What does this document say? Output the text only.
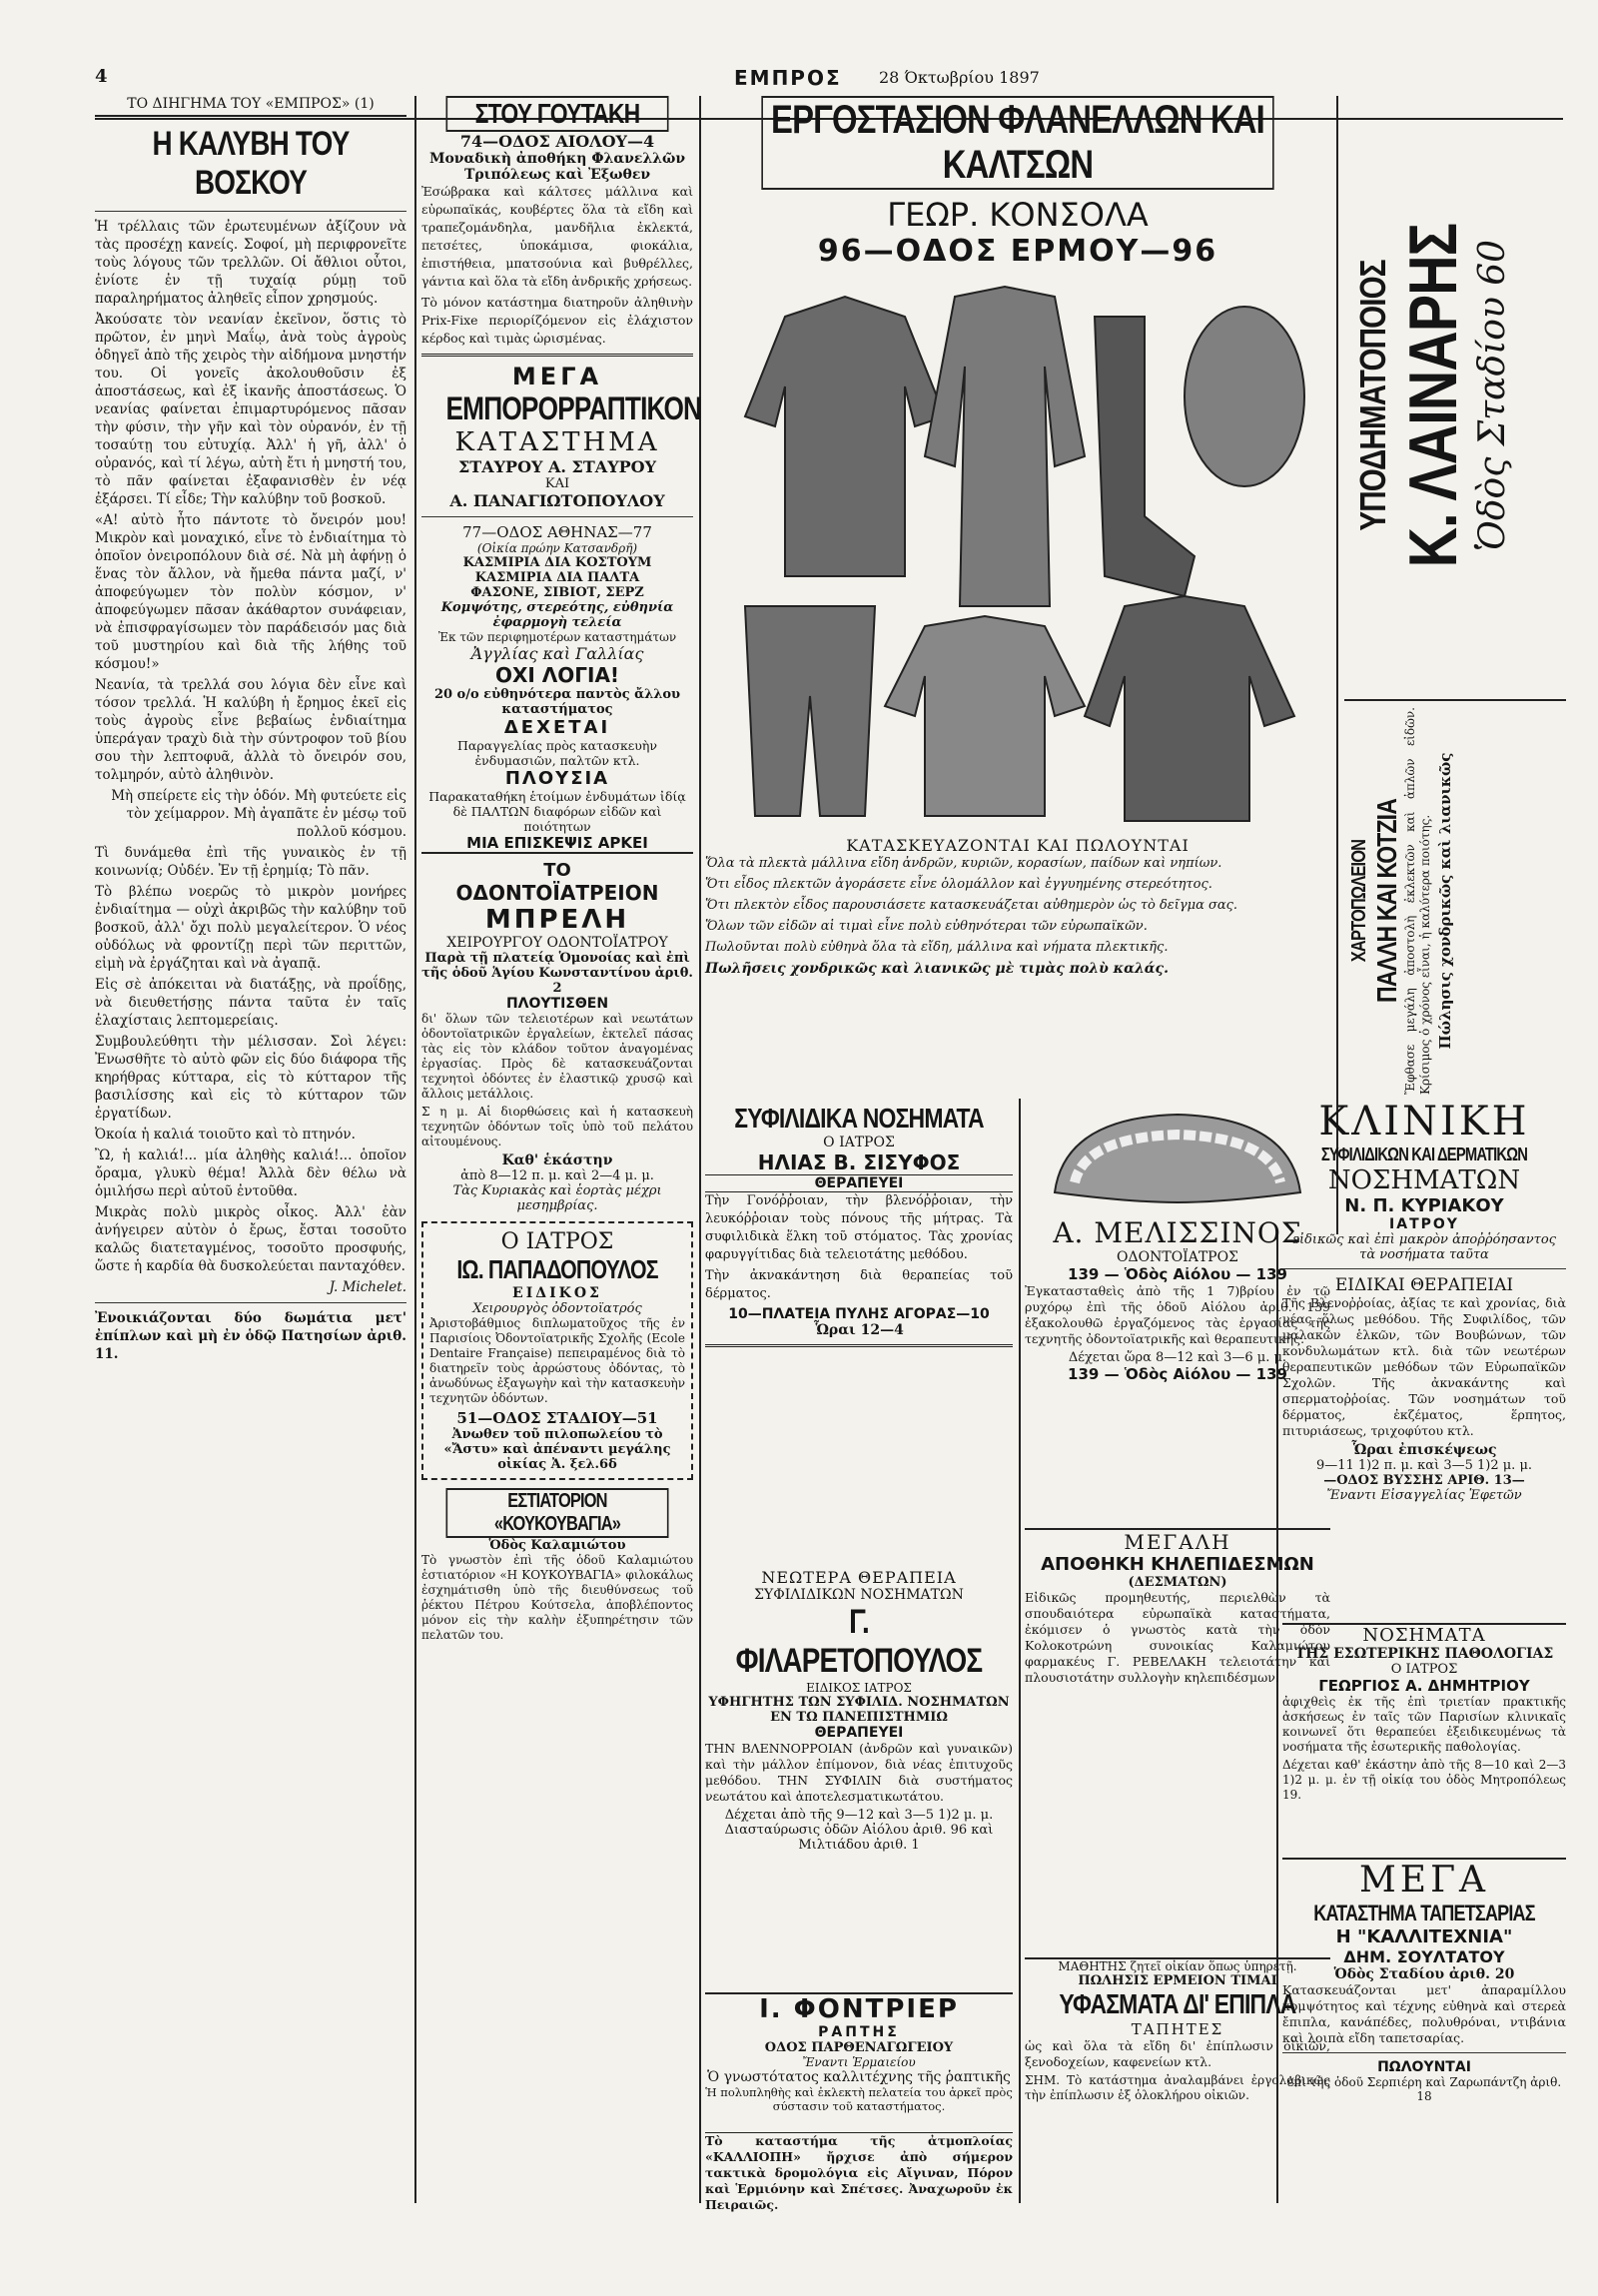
4	ΕΜΠΡΟΣ 28 Όκτωβρίου 1897

ΤΟ ΔΙΗΓΗΜΑ ΤΟΥ «ΕΜΠΡΟΣ» (1)

Η ΚΑΛΥΒΗ ΤΟΥ ΒΟΣΚΟΥ

Ἡ τρέλλαις τῶν ἐρωτευμένων ἀξίζουν νὰ τὰς προσέχῃ κανείς. Σοφοί, μὴ περιφρονεῖτε τοὺς λόγους τῶν τρελλῶν. Οἱ ἄθλιοι οὗτοι, ἐνίοτε ἐν τῇ τυχαίᾳ ρύμῃ τοῦ παραληρήματος ἀληθεῖς εἶπον χρησμούς.

Ἀκούσατε τὸν νεανίαν ἐκεῖνον, ὅστις τὸ πρῶτον, ἐν μηνὶ Μαΐῳ, ἀνὰ τοὺς ἀγροὺς ὁδηγεῖ ἀπὸ τῆς χειρὸς τὴν αἰδήμονα μνηστήν του. Οἱ γονεῖς ἀκολουθοῦσιν ἐξ ἀποστάσεως, καὶ ἐξ ἱκανῆς ἀποστάσεως. Ὁ νεανίας φαίνεται ἐπιμαρτυρόμενος πᾶσαν τὴν φύσιν, τὴν γῆν καὶ τὸν οὐρανόν, ἐν τῇ τοσαύτῃ του εὐτυχίᾳ. Ἀλλ' ἡ γῆ, ἀλλ' ὁ οὐρανός, καὶ τί λέγω, αὐτὴ ἔτι ἡ μνηστή του, τὸ πᾶν φαίνεται ἐξαφανισθὲν ἐν νέᾳ ἐξάρσει. Τί εἶδε; Τὴν καλύβην τοῦ βοσκοῦ.

«Α! αὐτὸ ἦτο πάντοτε τὸ ὄνειρόν μου! Μικρὸν καὶ μοναχικό, εἶνε τὸ ἐνδιαίτημα τὸ ὁποῖον ὀνειροπόλουν διὰ σέ. Νὰ μὴ ἀφήνῃ ὁ ἕνας τὸν ἄλλον, νὰ ἤμεθα πάντα μαζί, ν' ἀποφεύγωμεν τὸν πολὺν κόσμον, ν' ἀποφεύγωμεν πᾶσαν ἀκάθαρτον συνάφειαν, νὰ ἐπισφραγίσωμεν τὸν παράδεισόν μας διὰ τοῦ μυστηρίου καὶ διὰ τῆς λήθης τοῦ κόσμου!»

Νεανία, τὰ τρελλά σου λόγια δὲν εἶνε καὶ τόσον τρελλά. Ἡ καλύβη ἡ ἔρημος ἐκεῖ εἰς τοὺς ἀγροὺς εἶνε βεβαίως ἐνδιαίτημα ὑπεράγαν τραχὺ διὰ τὴν σύντροφον τοῦ βίου σου τὴν λεπτοφυᾶ, ἀλλὰ τὸ ὄνειρόν σου, τολμηρόν, αὐτὸ ἀληθινὸν.

Μὴ σπείρετε εἰς τὴν ὁδόν. Μὴ φυτεύετε εἰς τὸν χείμαρρον. Μὴ ἀγαπᾶτε ἐν μέσῳ τοῦ πολλοῦ κόσμου.

Τὶ δυνάμεθα ἐπὶ τῆς γυναικὸς ἐν τῇ κοινωνίᾳ; Οὐδέν. Ἐν τῇ ἐρημίᾳ; Τὸ πᾶν.

Τὸ βλέπω νοερῶς τὸ μικρὸν μονήρες ἐνδιαίτημα — οὐχὶ ἀκριβῶς τὴν καλύβην τοῦ βοσκοῦ, ἀλλ' ὄχι πολὺ μεγαλείτερον. Ὁ νέος οὐδόλως νὰ φροντίζῃ περὶ τῶν περιττῶν, εἰμὴ νὰ ἐργάζηται καὶ νὰ ἀγαπᾷ.

Εἰς σὲ ἀπόκειται νὰ διατάξῃς, νὰ προΐδῃς, νὰ διευθετήσῃς πάντα ταῦτα ἐν ταῖς ἐλαχίσταις λεπτομερείαις.

Συμβουλεύθητι τὴν μέλισσαν. Σοὶ λέγει: Ἐνωσθῆτε τὸ αὐτὸ φῶν εἰς δύο διάφορα τῆς κηρήθρας κύτταρα, εἰς τὸ κύτταρον τῆς βασιλίσσης καὶ εἰς τὸ κύτταρον τῶν ἐργατίδων.

Ὀκοία ἡ καλιά τοιοῦτο καὶ τὸ πτηνόν.

Ὢ, ἡ καλιά!... μία ἀληθὴς καλιά!... ὁποῖον ὄραμα, γλυκὺ θέμα! Ἀλλὰ δὲν θέλω νὰ ὁμιλήσω περὶ αὐτοῦ ἐντοῦθα.

Μικρὰς πολὺ μικρὸς οἶκος. Ἀλλ' ἐὰν ἀνήγειρεν αὐτὸν ὁ ἔρως, ἔσται τοσοῦτο καλῶς διατεταγμένος, τοσοῦτο προσφυής, ὥστε ἡ καρδία θὰ δυσκολεύεται πανταχόθεν.

J. Michelet.

Ἐνοικιάζονται δύο δωμάτια μετ' ἐπίπλων καὶ μὴ ἐν ὁδῷ Πατησίων ἀριθ. 11.

ΣΤΟΥ ΓΟΥΤΑΚΗ

74—ΟΔΟΣ ΑΙΟΛΟΥ—4

Μοναδικὴ ἀποθήκη Φλανελλῶν Τριπόλεως καὶ Ἐξωθεν

Ἐσώβρακα καὶ κάλτσες μάλλινα καὶ εὐρωπαϊκάς, κουβέρτες ὅλα τὰ εἴδη καὶ τραπεζομάνδηλα, μανδῆλια ἐκλεκτά, πετσέτες, ὑποκάμισα, φιοκάλια, ἐπιστήθεια, μπατσούνια καὶ βυθρέλλες, γάντια καὶ ὅλα τὰ εἴδη ἀνδρικῆς χρήσεως.

Τὸ μόνον κατάστημα διατηροῦν ἀληθινὴν Prix-Fixe περιορίζόμενον εἰς ἐλάχιστον κέρδος καὶ τιμὰς ὡρισμένας.

ΜΕΓΑ

ΕΜΠΟΡΟΡΡΑΠΤΙΚΟΝ

ΚΑΤΑΣΤΗΜΑ

ΣΤΑΥΡΟΥ Α. ΣΤΑΥΡΟΥ

ΚΑΙ

Α. ΠΑΝΑΓΙΩΤΟΠΟΥΛΟΥ

77—ΟΔΟΣ ΑΘΗΝΑΣ—77

(Οἰκία πρώην Κατσανδρῆ)

ΚΑΣΜΙΡΙΑ ΔΙΑ ΚΟΣΤΟΥΜ

ΚΑΣΜΙΡΙΑ ΔΙΑ ΠΑΛΤΑ

ΦΑΣΟΝΕ, ΣΙΒΙΟΤ, ΣΕΡΖ

Κομψότης, στερεότης, εὐθηνία ἐφαρμογὴ τελεία

Ἐκ τῶν περιφημοτέρων καταστημάτων

Ἀγγλίας καὶ Γαλλίας

ΟΧΙ ΛΟΓΙΑ!

20 ο/ο εὐθηνότερα παντὸς ἄλλου καταστήματος

ΔΕΧΕΤΑΙ

Παραγγελίας πρὸς κατασκευὴν ἐνδυμασιῶν, παλτῶν κτλ.

ΠΛΟΥΣΙΑ

Παρακαταθήκη ἑτοίμων ἐνδυμάτων ἰδίᾳ δὲ ΠΑΛΤΩΝ διαφόρων εἰδῶν καὶ ποιότητων

ΜΙΑ ΕΠΙΣΚΕΨΙΣ ΑΡΚΕΙ

ΤΟ

ΟΔΟΝΤΟΪΑΤΡΕΙΟΝ

ΜΠΡΕΛΗ

ΧΕΙΡΟΥΡΓΟΥ ΟΔΟΝΤΟΪΑΤΡΟΥ

Παρὰ τῇ πλατείᾳ Ὁμονοίας καὶ ἐπὶ τῆς ὁδοῦ Ἁγίου Κωνσταντίνου ἀριθ. 2

ΠΛΟΥΤΙΣΘΕΝ

δι' ὅλων τῶν τελειοτέρων καὶ νεωτάτων ὀδοντοϊατρικῶν ἐργαλείων, ἐκτελεῖ πάσας τὰς εἰς τὸν κλάδον τοῦτον ἀναγομένας ἐργασίας. Πρὸς δὲ κατασκευάζονται τεχνητοὶ ὀδόντες ἐν ἐλαστικῷ χρυσῷ καὶ ἄλλοις μετάλλοις.

Σ η μ. Αἱ διορθώσεις καὶ ἡ κατασκευὴ τεχνητῶν ὀδόντων τοῖς ὑπὸ τοῦ πελάτου αἰτουμένους.

Καθ' ἑκάστην

ἀπὸ 8—12 π. μ. καὶ 2—4 μ. μ.

Τὰς Κυριακὰς καὶ ἑορτὰς μέχρι μεσημβρίας.

Ο ΙΑΤΡΟΣ

ΙΩ. ΠΑΠΑΔΟΠΟΥΛΟΣ

ΕΙΔΙΚΟΣ

Χειρουργὸς ὀδοντοϊατρός

Ἀριστοβάθμιος διπλωματοῦχος τῆς ἐν Παρισίοις Ὀδοντοϊατρικῆς Σχολῆς (Ecole Dentaire Française) πεπειραμένος διὰ τὸ διατηρεῖν τοὺς ἀρρώστους ὀδόντας, τὸ ἀνωδύνως ἐξαγωγὴν καὶ τὴν κατασκευὴν τεχνητῶν ὀδόντων.

51—ΟΔΟΣ ΣΤΑΔΙΟΥ—51

Ἀνωθεν τοῦ πιλοπωλείου τὸ «Ἄστυ» καὶ ἀπέναντι μεγάλης οἰκίας Ἀ. ξελ.6δ

ΕΣΤΙΑΤΟΡΙΟΝ «ΚΟΥΚΟΥΒΑΓΙΑ»

Ὁδὸς Καλαμιώτου

Τὸ γνωστὸν ἐπὶ τῆς ὁδοῦ Καλαμιώτου ἑστιατόριον «Η ΚΟΥΚΟΥΒΑΓΙΑ» φιλοκάλως ἐσχημάτισθη ὑπὸ τῆς διευθύνσεως τοῦ ῥέκτου Πέτρου Κούτσελα, ἀποβλέποντος μόνον εἰς τὴν καλὴν ἐξυπηρέτησιν τῶν πελατῶν του.

ΕΡΓΟΣΤΑΣΙΟΝ ΦΛΑΝΕΛΛΩΝ ΚΑΙ ΚΑΛΤΣΩΝ

ΓΕΩΡ. ΚΟΝΣΟΛΑ

96—ΟΔΟΣ ΕΡΜΟΥ—96

ΚΑΤΑΣΚΕΥΑΖΟΝΤΑΙ ΚΑΙ ΠΩΛΟΥΝΤΑΙ

Ὅλα τὰ πλεκτὰ μάλλινα εἴδη ἀνδρῶν, κυριῶν, κορασίων, παίδων καὶ νηπίων.

Ὅτι εἶδος πλεκτῶν ἀγοράσετε εἶνε ὁλομάλλον καὶ ἐγγυημένης στερεότητος.

Ὅτι πλεκτὸν εἶδος παρουσιάσετε κατασκευάζεται αὐθημερὸν ὡς τὸ δεῖγμα σας.

Ὅλων τῶν εἰδῶν αἱ τιμαὶ εἶνε πολὺ εὐθηνότεραι τῶν εὐρωπαϊκῶν.

Πωλοῦνται πολὺ εὐθηνὰ ὅλα τὰ εἴδη, μάλλινα καὶ νήματα πλεκτικῆς.

Πωλῆσεις χονδρικῶς καὶ λιανικῶς μὲ τιμὰς πολὺ καλάς.

ΥΠΟΔΗΜΑΤΟΠΟΙΟΣ Κ. ΛΑΙΝΑΡΗΣ Ὁδὸς Σταδίου 60

ΧΑΡΤΟΠΩΛΕΙΟΝ ΠΑΛΛΗ ΚΑΙ ΚΟΤΖΙΑ Ἔφθασε μεγάλη ἀποστολὴ ἐκλεκτῶν καὶ ἀπλῶν εἰδῶν. Κρίσιμος ὁ χρόνος εἶναι, ἡ καλύτερα ποιότης. Πώλησις χονδρικῶς καὶ λιανικῶς

ΣΥΦΙΛΙΔΙΚΑ ΝΟΣΗΜΑΤΑ

Ο ΙΑΤΡΟΣ

ΗΛΙΑΣ Β. ΣΙΣΥΦΟΣ

ΘΕΡΑΠΕΥΕΙ

Τὴν Γονόῤῥοιαν, τὴν βλενόῤῥοιαν, τὴν λευκόῤῥοιαν τοὺς πόνους τῆς μήτρας. Τὰ συφιλιδικὰ ἕλκη τοῦ στόματος. Τὰς χρονίας φαρυγγίτιδας διὰ τελειοτάτης μεθόδου.

Τὴν ἀκνακάντηση διὰ θεραπείας τοῦ δέρματος.

10—ΠΛΑΤΕΙΑ ΠΥΛΗΣ ΑΓΟΡΑΣ—10

Ὧραι 12—4

ΝΕΩΤΕΡΑ ΘΕΡΑΠΕΙΑ

ΣΥΦΙΛΙΔΙΚΩΝ ΝΟΣΗΜΑΤΩΝ

Γ. ΦΙΛΑΡΕΤΟΠΟΥΛΟΣ

ΕΙΔΙΚΟΣ ΙΑΤΡΟΣ

ΥΦΗΓΗΤΗΣ ΤΩΝ ΣΥΦΙΛΙΔ. ΝΟΣΗΜΑΤΩΝ ΕΝ ΤΩ ΠΑΝΕΠΙΣΤΗΜΙΩ

ΘΕΡΑΠΕΥΕΙ

ΤΗΝ ΒΛΕΝΝΟΡΡΟΙΑΝ (ἀνδρῶν καὶ γυναικῶν) καὶ τὴν μάλλον ἐπίμονον, διὰ νέας ἐπιτυχοῦς μεθόδου. ΤΗΝ ΣΥΦΙΛΙΝ διὰ συστήματος νεωτάτου καὶ ἀποτελεσματικωτάτου.

Δέχεται ἀπὸ τῆς 9—12 καὶ 3—5 1)2 μ. μ.

Διασταύρωσις ὁδῶν Αἰόλου ἀριθ. 96 καὶ Μιλτιάδου ἀριθ. 1

Ι. ΦΟΝΤΡΙΕΡ

ΡΑΠΤΗΣ

ΟΔΟΣ ΠΑΡΘΕΝΑΓΩΓΕΙΟΥ

Ἔναντι Ἑρμαιείου

Ὁ γνωστότατος καλλιτέχνης τῆς ῥαπτικῆς

Ἡ πολυπληθὴς καὶ ἐκλεκτὴ πελατεία του ἀρκεῖ πρὸς σύστασιν τοῦ καταστήματος.

Τὸ καταστήμα τῆς ἀτμοπλοίας «ΚΑΛΛΙΟΠΗ» ἤρχισε ἀπὸ σήμερον τακτικὰ δρομολόγια εἰς Αἴγιναν, Πόρον καὶ Ἑρμιόνην καὶ Σπέτσες. Ἀναχωροῦν ἐκ Πειραιῶς.

Α. ΜΕΛΙΣΣΙΝΟΣ

ΟΔΟΝΤΟΪΑΤΡΟΣ

139 — Ὁδὸς Αἰόλου — 139

Ἐγκατασταθεὶς ἀπὸ τῆς 1 7)βρίου ἐν τῷ ρυχόρῳ ἐπὶ τῆς ὁδοῦ Αἰόλου ἀριθ. 139 ἐξακολουθῶ ἐργαζόμενος τὰς ἐργασίας τῆς τεχνητῆς ὀδοντοϊατρικῆς καὶ θεραπευτικῆς.

Δέχεται ὥρα 8—12 καὶ 3—6 μ. μ.

139 — Ὁδὸς Αἰόλου — 139

ΜΕΓΑΛΗ

ΑΠΟΘΗΚΗ ΚΗΛΕΠΙΔΕΣΜΩΝ

(ΔΕΣΜΑΤΩΝ)

Εἰδικῶς προμηθευτής, περιελθὼν τὰ σπουδαιότερα εὐρωπαϊκὰ καταστήματα, ἐκόμισεν ὁ γνωστὸς κατὰ τὴν ὁδὸν Κολοκοτρώνη συνοικίας Καλαμιώτου φαρμακέυς Γ. ΡΕΒΕΛΑΚΗ τελειοτάτην καὶ πλουσιοτάτην συλλογὴν κηλεπιδέσμων.

ΜΑΘΗΤΗΣ ζητεῖ οἰκίαν ὅπως ὑπηρετῇ.

ΠΩΛΗΣΙΣ ΕΡΜΕΙΟΝ ΤΙΜΑΙ

ΥΦΑΣΜΑΤΑ ΔΙ' ΕΠΙΠΛΑ

ΤΑΠΗΤΕΣ

ὡς καὶ ὅλα τὰ εἴδη δι' ἐπίπλωσιν οἰκιῶν, ξενοδοχείων, καφενείων κτλ.

ΣΗΜ. Τὸ κατάστημα ἀναλαμβάνει ἐργολαβικῶς τὴν ἐπίπλωσιν ἐξ ὁλοκλήρου οἰκιῶν.

ΚΛΙΝΙΚΗ

ΣΥΦΙΛΙΔΙΚΩΝ ΚΑΙ ΔΕΡΜΑΤΙΚΩΝ

ΝΟΣΗΜΑΤΩΝ

Ν. Π. ΚΥΡΙΑΚΟΥ

ΙΑΤΡΟΥ

εἰδικῶς καὶ ἐπὶ μακρὸν ἀποῤῥόησαντος τὰ νοσήματα ταῦτα

ΕΙΔΙΚΑΙ ΘΕΡΑΠΕΙΑΙ

Τῆς Βλενοῤῥοίας, ἀξίας τε καὶ χρονίας, διὰ νέας ὅλως μεθόδου. Τῆς Συφιλίδος, τῶν μαλακῶν ἑλκῶν, τῶν Βουβώνων, τῶν κονδυλωμάτων κτλ. διὰ τῶν νεωτέρων θεραπευτικῶν μεθόδων τῶν Εὐρωπαϊκῶν Σχολῶν. Τῆς ἀκνακάντης καὶ σπερματοῤῥοίας. Τῶν νοσημάτων τοῦ δέρματος, ἐκζέματος, ἕρπητος, πιτυριάσεως, τριχοφύτου κτλ.

Ὧραι ἐπισκέψεως

9—11 1)2 π. μ. καὶ 3—5 1)2 μ. μ.

—ΟΔΟΣ ΒΥΣΣΗΣ ΑΡΙΘ. 13—

Ἔναντι Εἰσαγγελίας Ἐφετῶν

ΝΟΣΗΜΑΤΑ

ΤΗΣ ΕΣΩΤΕΡΙΚΗΣ ΠΑΘΟΛΟΓΙΑΣ

Ο ΙΑΤΡΟΣ

ΓΕΩΡΓΙΟΣ Α. ΔΗΜΗΤΡΙΟΥ

ἀφιχθεὶς ἐκ τῆς ἐπὶ τριετίαν πρακτικῆς ἀσκήσεως ἐν ταῖς τῶν Παρισίων κλινικαῖς κοινωνεῖ ὅτι θεραπεύει ἐξειδικευμένως τὰ νοσήματα τῆς ἐσωτερικῆς παθολογίας.

Δέχεται καθ' ἑκάστην ἀπὸ τῆς 8—10 καὶ 2—3 1)2 μ. μ. ἐν τῇ οἰκίᾳ του ὁδὸς Μητροπόλεως 19.

ΜΕΓΑ

ΚΑΤΑΣΤΗΜΑ ΤΑΠΕΤΣΑΡΙΑΣ

Η "ΚΑΛΛΙΤΕΧΝΙΑ"

ΔΗΜ. ΣΟΥΛΤΑΤΟΥ

Ὁδὸς Σταδίου ἀριθ. 20

Κατασκευάζονται μετ' ἀπαραμίλλου κομψότητος καὶ τέχνης εὐθηνὰ καὶ στερεὰ ἔπιπλα, κανάπέδες, πολυθρόναι, ντιβάνια καὶ λοιπὰ εἴδη ταπετσαρίας.

ΠΩΛΟΥΝΤΑΙ

ἐπὶ τῆς ὁδοῦ Σερπιέρη καὶ Ζαρωπάντζη ἀριθ. 18
